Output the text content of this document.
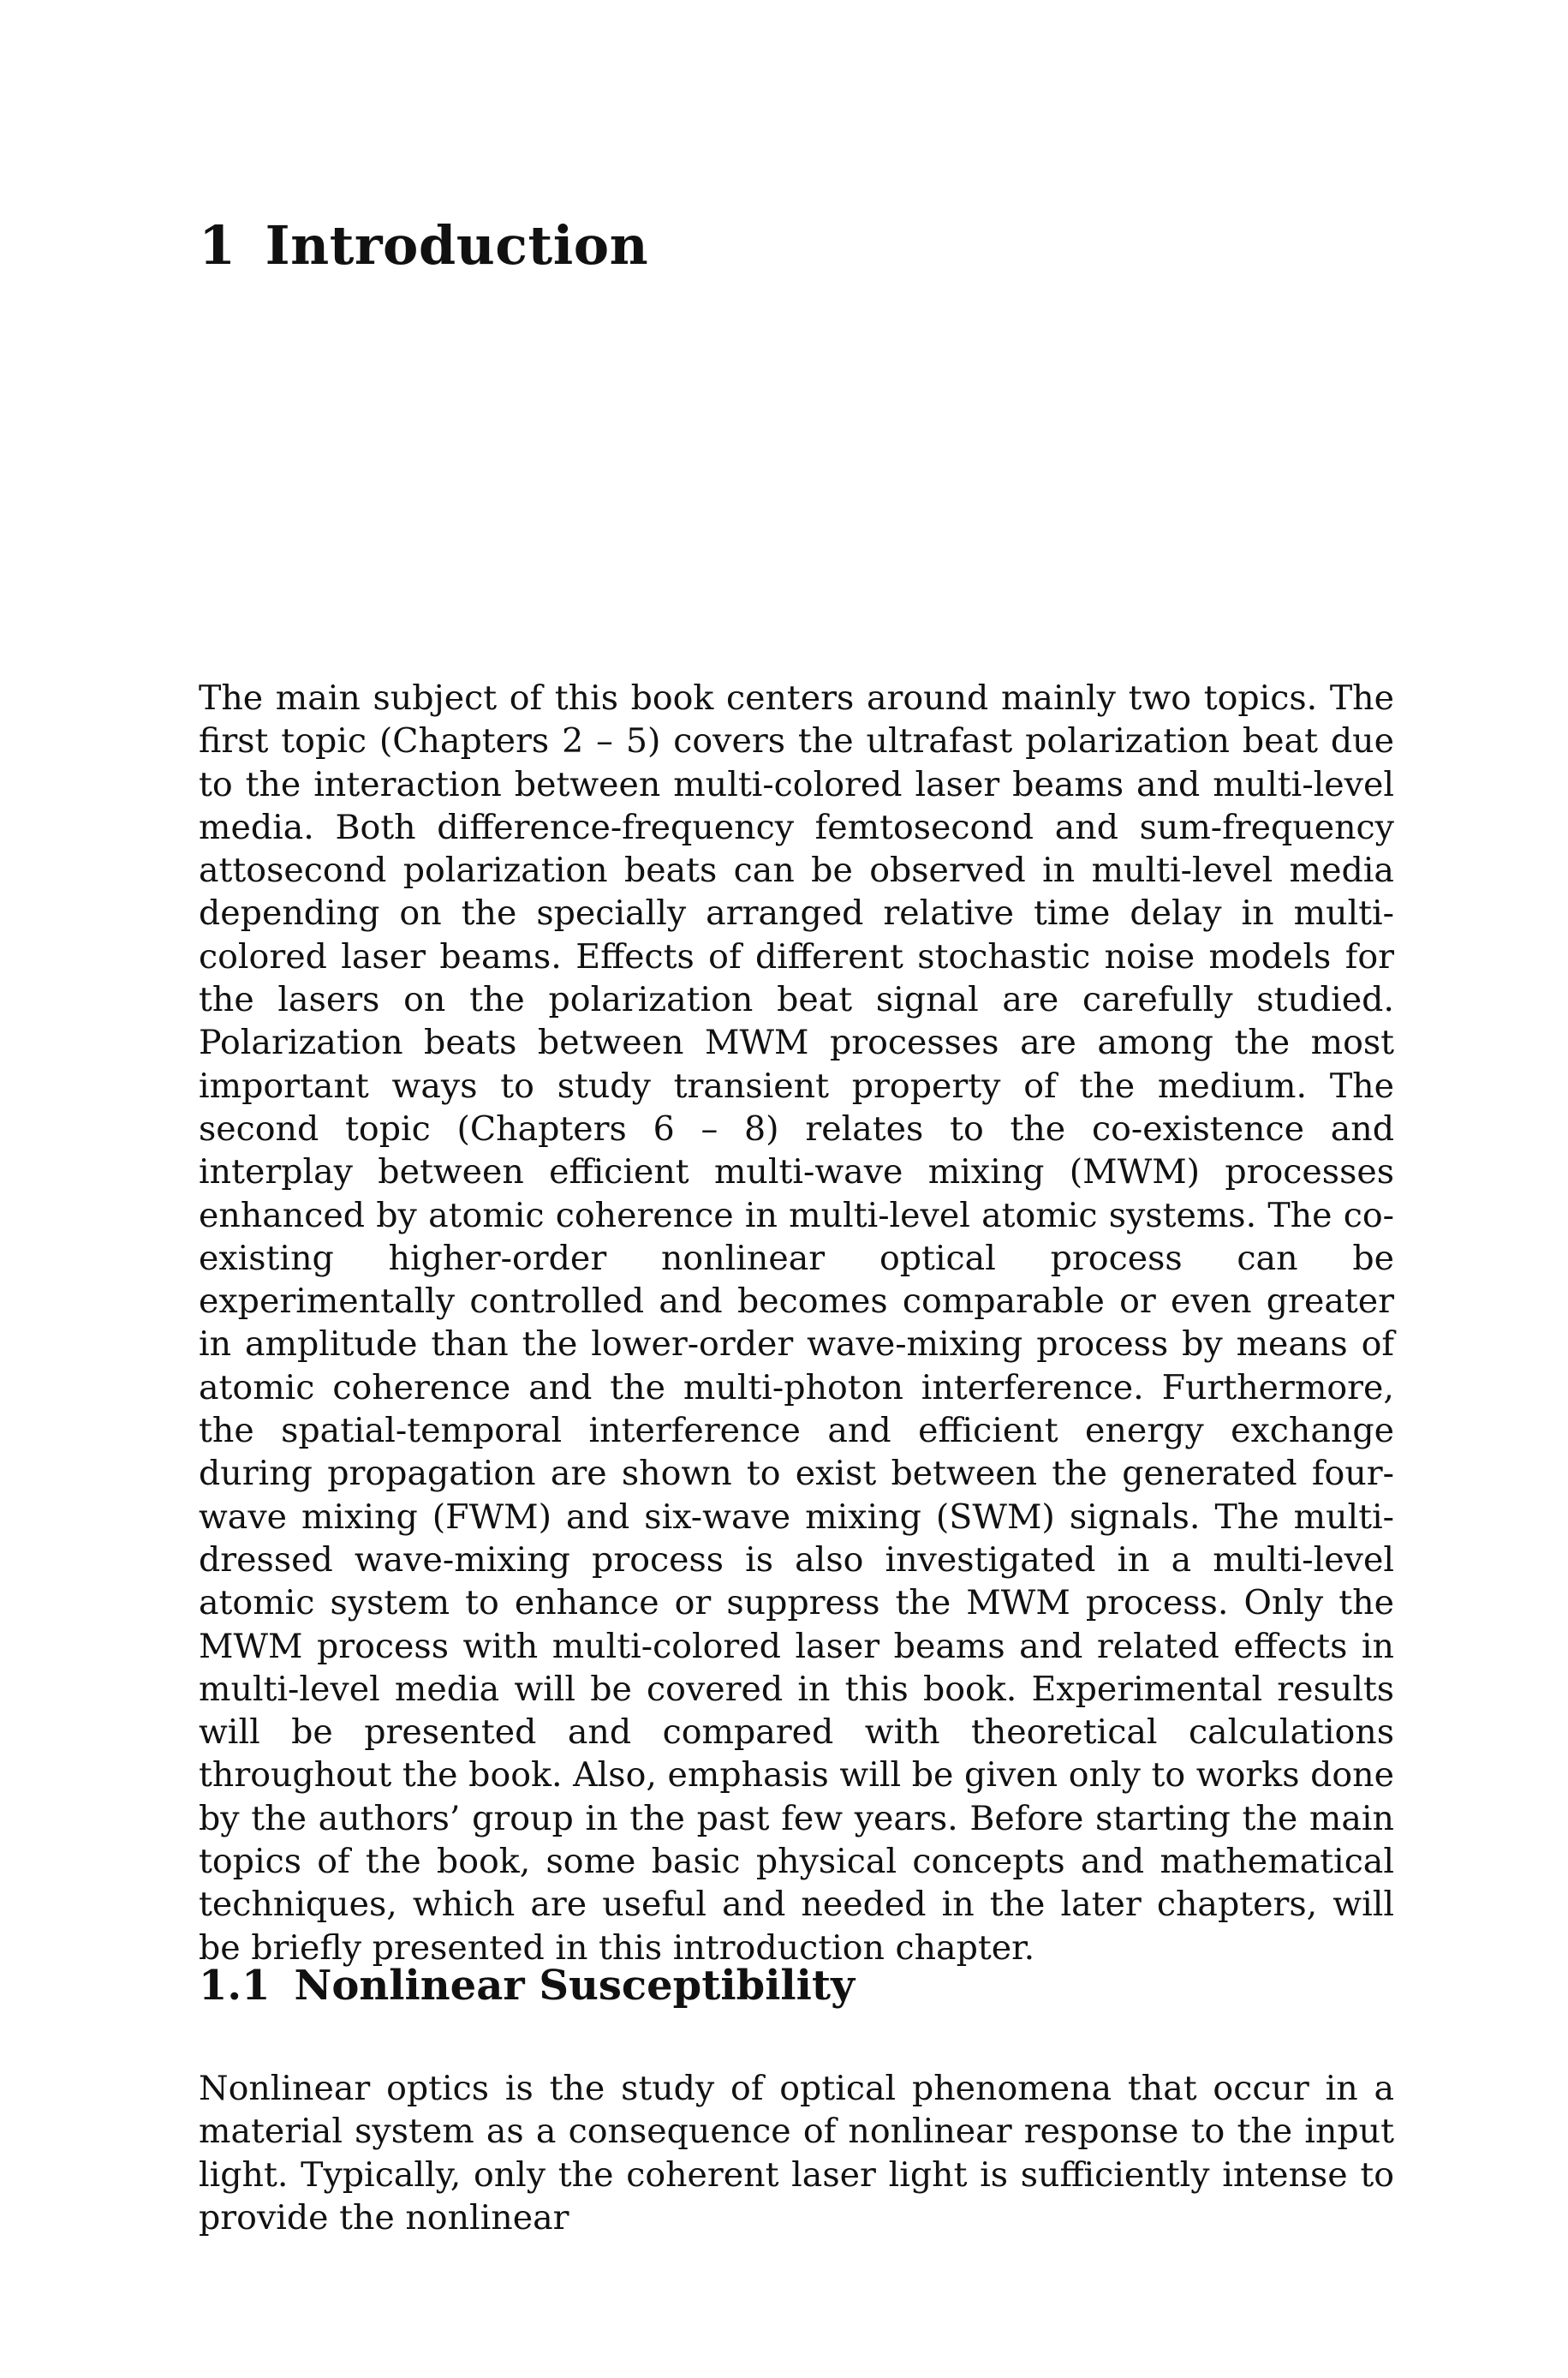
1 Introduction

The main subject of this book centers around mainly two topics. The first topic (Chapters 2 – 5) covers the ultrafast polarization beat due to the interaction between multi-colored laser beams and multi-level media. Both difference-frequency femtosecond and sum-frequency attosecond polarization beats can be observed in multi-level media depending on the specially arranged relative time delay in multi-colored laser beams. Effects of different stochastic noise models for the lasers on the polarization beat signal are carefully studied. Polarization beats between MWM processes are among the most important ways to study transient property of the medium. The second topic (Chapters 6 – 8) relates to the co-existence and interplay between efficient multi-wave mixing (MWM) processes enhanced by atomic coherence in multi-level atomic systems. The co-existing higher-order nonlinear optical process can be experimentally controlled and becomes comparable or even greater in amplitude than the lower-order wave-mixing process by means of atomic coherence and the multi-photon interference. Furthermore, the spatial-temporal interference and efficient energy exchange during propagation are shown to exist between the generated four-wave mixing (FWM) and six-wave mixing (SWM) signals. The multi-dressed wave-mixing process is also investigated in a multi-level atomic system to enhance or suppress the MWM process. Only the MWM process with multi-colored laser beams and related effects in multi-level media will be covered in this book. Experimental results will be presented and compared with theoretical calculations throughout the book. Also, emphasis will be given only to works done by the authors’ group in the past few years. Before starting the main topics of the book, some basic physical concepts and mathematical techniques, which are useful and needed in the later chapters, will be briefly presented in this introduction chapter.

1.1 Nonlinear Susceptibility

Nonlinear optics is the study of optical phenomena that occur in a material system as a consequence of nonlinear response to the input light. Typically, only the coherent laser light is sufficiently intense to provide the nonlinear
